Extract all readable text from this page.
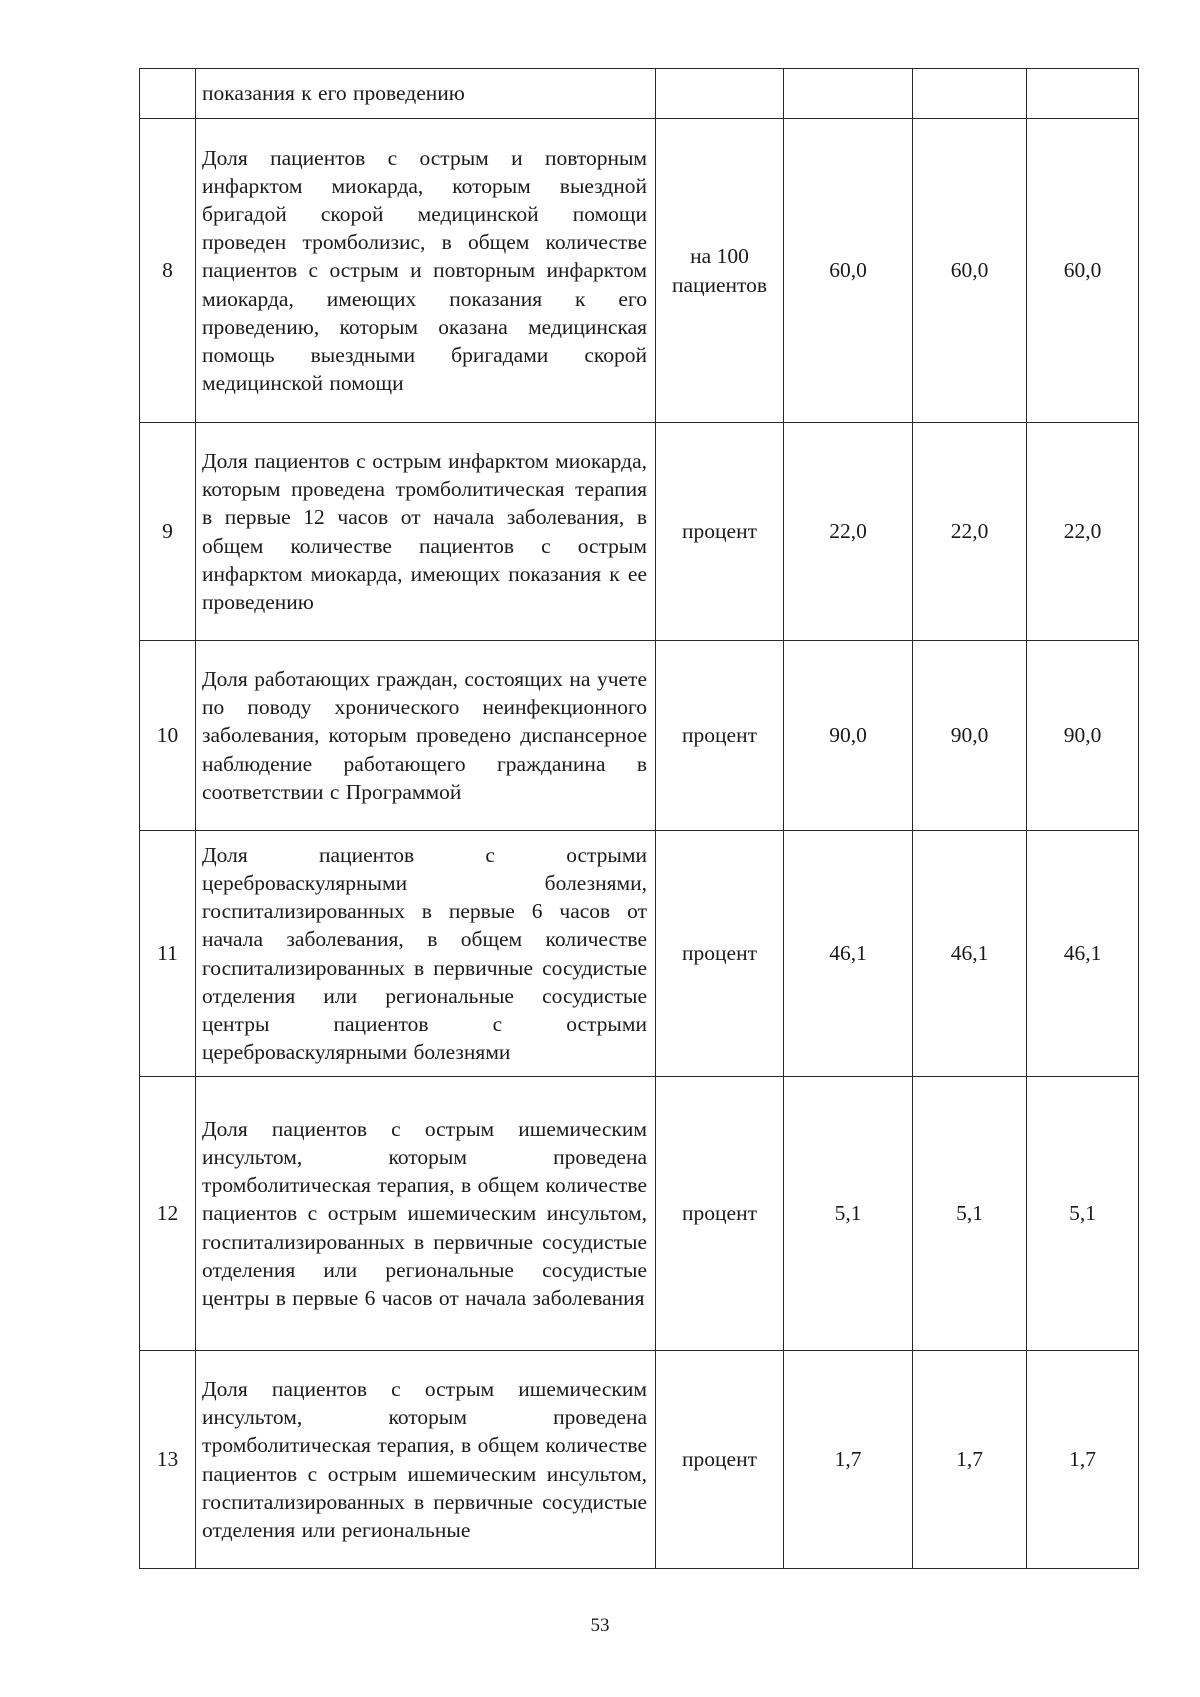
	показания к его проведению				
8	Доля пациентов с острым и повторным инфарктом миокарда, которым выездной бригадой скорой медицинской помощи проведен тромболизис, в общем количестве пациентов с острым и повторным инфарктом миокарда, имеющих показания к его проведению, которым оказана медицинская помощь выездными бригадами скорой медицинской помощи	на 100 пациентов	60,0	60,0	60,0
9	Доля пациентов с острым инфарктом миокарда, которым проведена тромболитическая терапия в первые 12 часов от начала заболевания, в общем количестве пациентов с острым инфарктом миокарда, имеющих показания к ее проведению	процент	22,0	22,0	22,0
10	Доля работающих граждан, состоящих на учете по поводу хронического неинфекционного заболевания, которым проведено диспансерное наблюдение работающего гражданина в соответствии с Программой	процент	90,0	90,0	90,0
11	Доля пациентов с острыми цереброваскулярными болезнями, госпитализированных в первые 6 часов от начала заболевания, в общем количестве госпитализированных в первичные сосудистые отделения или региональные сосудистые центры пациентов с острыми цереброваскулярными болезнями	процент	46,1	46,1	46,1
12	Доля пациентов с острым ишемическим инсультом, которым проведена тромболитическая терапия, в общем количестве пациентов с острым ишемическим инсультом, госпитализированных в первичные сосудистые отделения или региональные сосудистые центры в первые 6 часов от начала заболевания	процент	5,1	5,1	5,1
13	Доля пациентов с острым ишемическим инсультом, которым проведена тромболитическая терапия, в общем количестве пациентов с острым ишемическим инсультом, госпитализированных в первичные сосудистые отделения или региональные	процент	1,7	1,7	1,7
53
